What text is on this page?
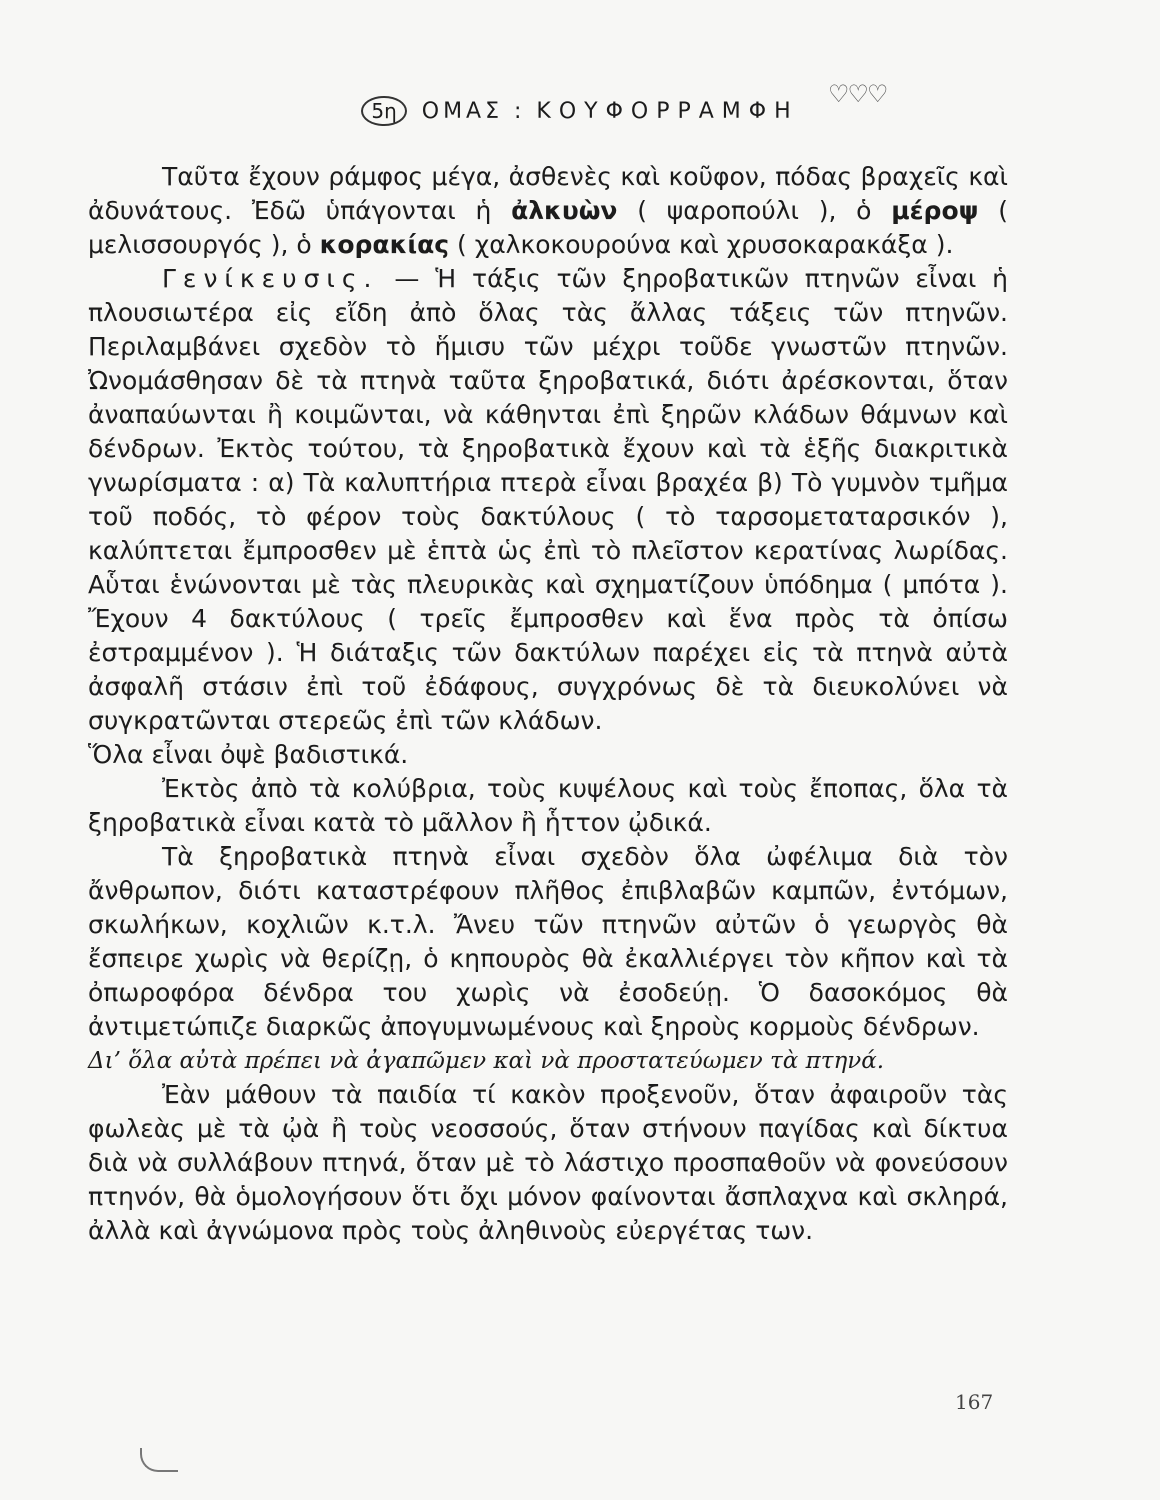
5η ΟΜΑΣ : ΚΟΥΦΟΡΡΑΜΦΗ
♡♡♡

Ταῦτα ἔχουν ράμφος μέγα, ἀσθενὲς καὶ κοῦφον, πόδας βραχεῖς καὶ ἀδυνάτους. Ἐδῶ ὑπάγονται ἡ ἀλκυὼν ( ψαροπούλι ), ὁ μέροψ ( μελισσουργός ), ὁ κορακίας ( χαλκοκουρούνα καὶ χρυσοκαρακάξα ).

Γενίκευσις. — Ἡ τάξις τῶν ξηροβατικῶν πτηνῶν εἶναι ἡ πλουσιωτέρα εἰς εἴδη ἀπὸ ὅλας τὰς ἄλλας τάξεις τῶν πτηνῶν. Περιλαμβάνει σχεδὸν τὸ ἥμισυ τῶν μέχρι τοῦδε γνωστῶν πτηνῶν. Ὠνομάσθησαν δὲ τὰ πτηνὰ ταῦτα ξηροβατικά, διότι ἀρέσκονται, ὅταν ἀναπαύωνται ἢ κοιμῶνται, νὰ κάθηνται ἐπὶ ξηρῶν κλάδων θάμνων καὶ δένδρων. Ἐκτὸς τούτου, τὰ ξηροβατικὰ ἔχουν καὶ τὰ ἑξῆς διακριτικὰ γνωρίσματα : α) Τὰ καλυπτήρια πτερὰ εἶναι βραχέα β) Τὸ γυμνὸν τμῆμα τοῦ ποδός, τὸ φέρον τοὺς δακτύλους ( τὸ ταρσομεταταρσικόν ), καλύπτεται ἔμπροσθεν μὲ ἑπτὰ ὡς ἐπὶ τὸ πλεῖστον κερατίνας λωρίδας. Αὗται ἑνώνονται μὲ τὰς πλευρικὰς καὶ σχηματίζουν ὑπόδημα ( μπότα ). Ἔχουν 4 δακτύλους ( τρεῖς ἔμπροσθεν καὶ ἕνα πρὸς τὰ ὀπίσω ἐστραμμένον ). Ἡ διάταξις τῶν δακτύλων παρέχει εἰς τὰ πτηνὰ αὐτὰ ἀσφαλῆ στάσιν ἐπὶ τοῦ ἐδάφους, συγχρόνως δὲ τὰ διευκολύνει νὰ συγκρατῶνται στερεῶς ἐπὶ τῶν κλάδων.

Ὅλα εἶναι ὀψὲ βαδιστικά.

Ἐκτὸς ἀπὸ τὰ κολύβρια, τοὺς κυψέλους καὶ τοὺς ἔποπας, ὅλα τὰ ξηροβατικὰ εἶναι κατὰ τὸ μᾶλλον ἢ ἧττον ᾠδικά.

Τὰ ξηροβατικὰ πτηνὰ εἶναι σχεδὸν ὅλα ὠφέλιμα διὰ τὸν ἄνθρωπον, διότι καταστρέφουν πλῆθος ἐπιβλαβῶν καμπῶν, ἐντόμων, σκωλήκων, κοχλιῶν κ.τ.λ. Ἄνευ τῶν πτηνῶν αὐτῶν ὁ γεωργὸς θὰ ἔσπειρε χωρὶς νὰ θερίζῃ, ὁ κηπουρὸς θὰ ἐκαλλιέργει τὸν κῆπον καὶ τὰ ὀπωροφόρα δένδρα του χωρὶς νὰ ἐσοδεύῃ. Ὁ δασοκόμος θὰ ἀντιμετώπιζε διαρκῶς ἀπογυμνωμένους καὶ ξηροὺς κορμοὺς δένδρων.

Δι’ ὅλα αὐτὰ πρέπει νὰ ἀγαπῶμεν καὶ νὰ προστατεύωμεν τὰ πτηνά.

Ἐὰν μάθουν τὰ παιδία τί κακὸν προξενοῦν, ὅταν ἀφαιροῦν τὰς φωλεὰς μὲ τὰ ᾠὰ ἢ τοὺς νεοσσούς, ὅταν στήνουν παγίδας καὶ δίκτυα διὰ νὰ συλλάβουν πτηνά, ὅταν μὲ τὸ λάστιχο προσπαθοῦν νὰ φονεύσουν πτηνόν, θὰ ὁμολογήσουν ὅτι ὄχι μόνον φαίνονται ἄσπλαχνα καὶ σκληρά, ἀλλὰ καὶ ἀγνώμονα πρὸς τοὺς ἀληθινοὺς εὐεργέτας των.

167
